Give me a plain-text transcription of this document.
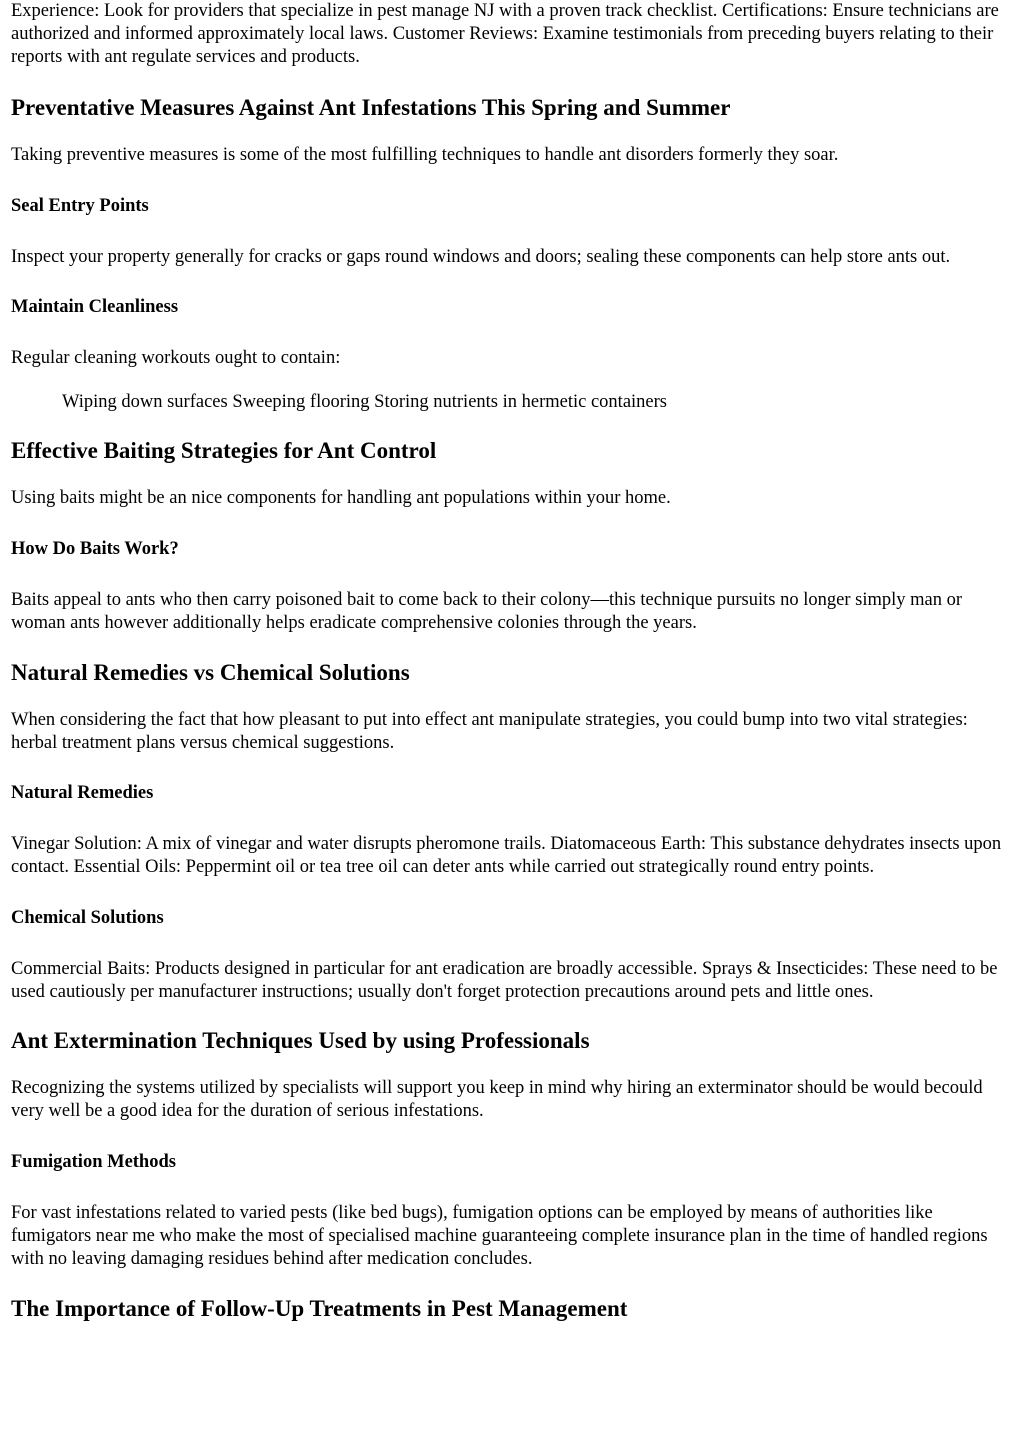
Experience: Look for providers that specialize in pest manage NJ with a proven track checklist. Certifications: Ensure technicians are authorized and informed approximately local laws. Customer Reviews: Examine testimonials from preceding buyers relating to their reports with ant regulate services and products.

Preventative Measures Against Ant Infestations This Spring and Summer

Taking preventive measures is some of the most fulfilling techniques to handle ant disorders formerly they soar.

Seal Entry Points

Inspect your property generally for cracks or gaps round windows and doors; sealing these components can help store ants out.

Maintain Cleanliness

Regular cleaning workouts ought to contain:

Wiping down surfaces Sweeping flooring Storing nutrients in hermetic containers

Effective Baiting Strategies for Ant Control

Using baits might be an nice components for handling ant populations within your home.

How Do Baits Work?

Baits appeal to ants who then carry poisoned bait to come back to their colony—this technique pursuits no longer simply man or woman ants however additionally helps eradicate comprehensive colonies through the years.

Natural Remedies vs Chemical Solutions

When considering the fact that how pleasant to put into effect ant manipulate strategies, you could bump into two vital strategies: herbal treatment plans versus chemical suggestions.

Natural Remedies

Vinegar Solution: A mix of vinegar and water disrupts pheromone trails. Diatomaceous Earth: This substance dehydrates insects upon contact. Essential Oils: Peppermint oil or tea tree oil can deter ants while carried out strategically round entry points.

Chemical Solutions

Commercial Baits: Products designed in particular for ant eradication are broadly accessible. Sprays & Insecticides: These need to be used cautiously per manufacturer instructions; usually don't forget protection precautions around pets and little ones.

Ant Extermination Techniques Used by using Professionals

Recognizing the systems utilized by specialists will support you keep in mind why hiring an exterminator should be would becould very well be a good idea for the duration of serious infestations.

Fumigation Methods

For vast infestations related to varied pests (like bed bugs), fumigation options can be employed by means of authorities like fumigators near me who make the most of specialised machine guaranteeing complete insurance plan in the time of handled regions with no leaving damaging residues behind after medication concludes.

The Importance of Follow-Up Treatments in Pest Management
